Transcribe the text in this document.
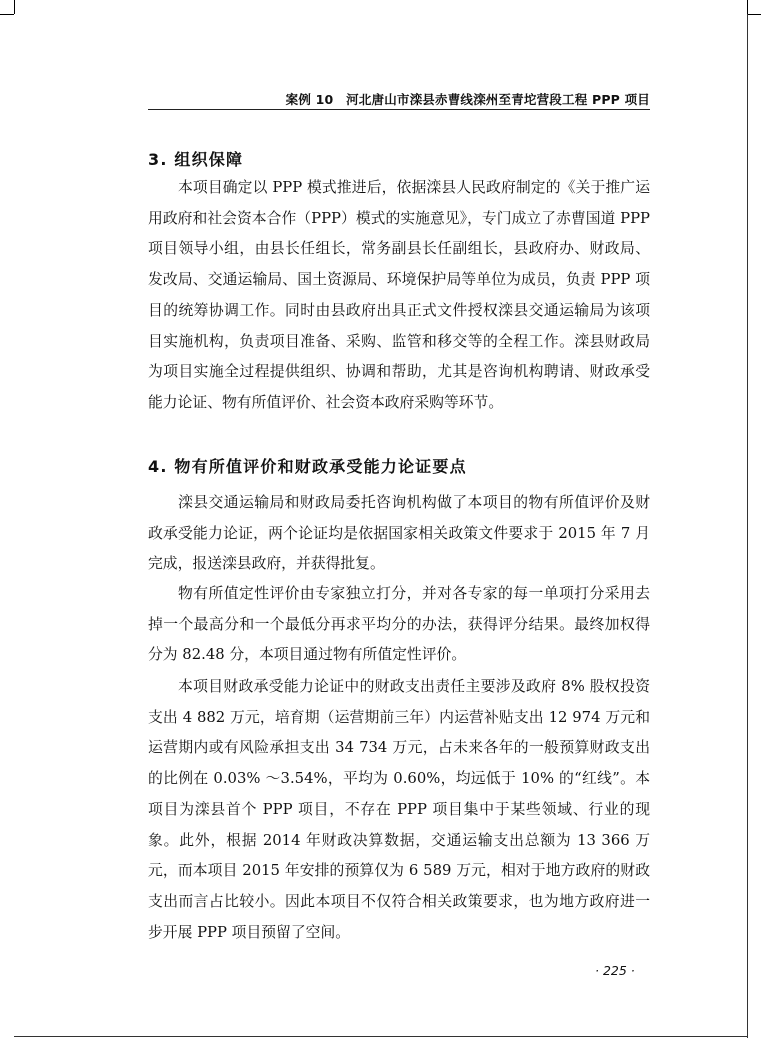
案例 10　河北唐山市滦县赤曹线滦州至青坨营段工程 PPP 项目
3. 组织保障

本项目确定以 PPP 模式推进后，依据滦县人民政府制定的《关于推广运用政府和社会资本合作（PPP）模式的实施意见》，专门成立了赤曹国道 PPP 项目领导小组，由县长任组长，常务副县长任副组长，县政府办、财政局、发改局、交通运输局、国土资源局、环境保护局等单位为成员，负责 PPP 项目的统筹协调工作。同时由县政府出具正式文件授权滦县交通运输局为该项目实施机构，负责项目准备、采购、监管和移交等的全程工作。滦县财政局为项目实施全过程提供组织、协调和帮助，尤其是咨询机构聘请、财政承受能力论证、物有所值评价、社会资本政府采购等环节。

4. 物有所值评价和财政承受能力论证要点

滦县交通运输局和财政局委托咨询机构做了本项目的物有所值评价及财政承受能力论证，两个论证均是依据国家相关政策文件要求于 2015 年 7 月完成，报送滦县政府，并获得批复。

物有所值定性评价由专家独立打分，并对各专家的每一单项打分采用去掉一个最高分和一个最低分再求平均分的办法，获得评分结果。最终加权得分为 82.48 分，本项目通过物有所值定性评价。

本项目财政承受能力论证中的财政支出责任主要涉及政府 8% 股权投资支出 4 882 万元，培育期（运营期前三年）内运营补贴支出 12 974 万元和运营期内或有风险承担支出 34 734 万元，占未来各年的一般预算财政支出的比例在 0.03% ～3.54%，平均为 0.60%，均远低于 10% 的“红线”。本项目为滦县首个 PPP 项目，不存在 PPP 项目集中于某些领域、行业的现象。此外，根据 2014 年财政决算数据，交通运输支出总额为 13 366 万元，而本项目 2015 年安排的预算仅为 6 589 万元，相对于地方政府的财政支出而言占比较小。因此本项目不仅符合相关政策要求，也为地方政府进一步开展 PPP 项目预留了空间。

· 225 ·
